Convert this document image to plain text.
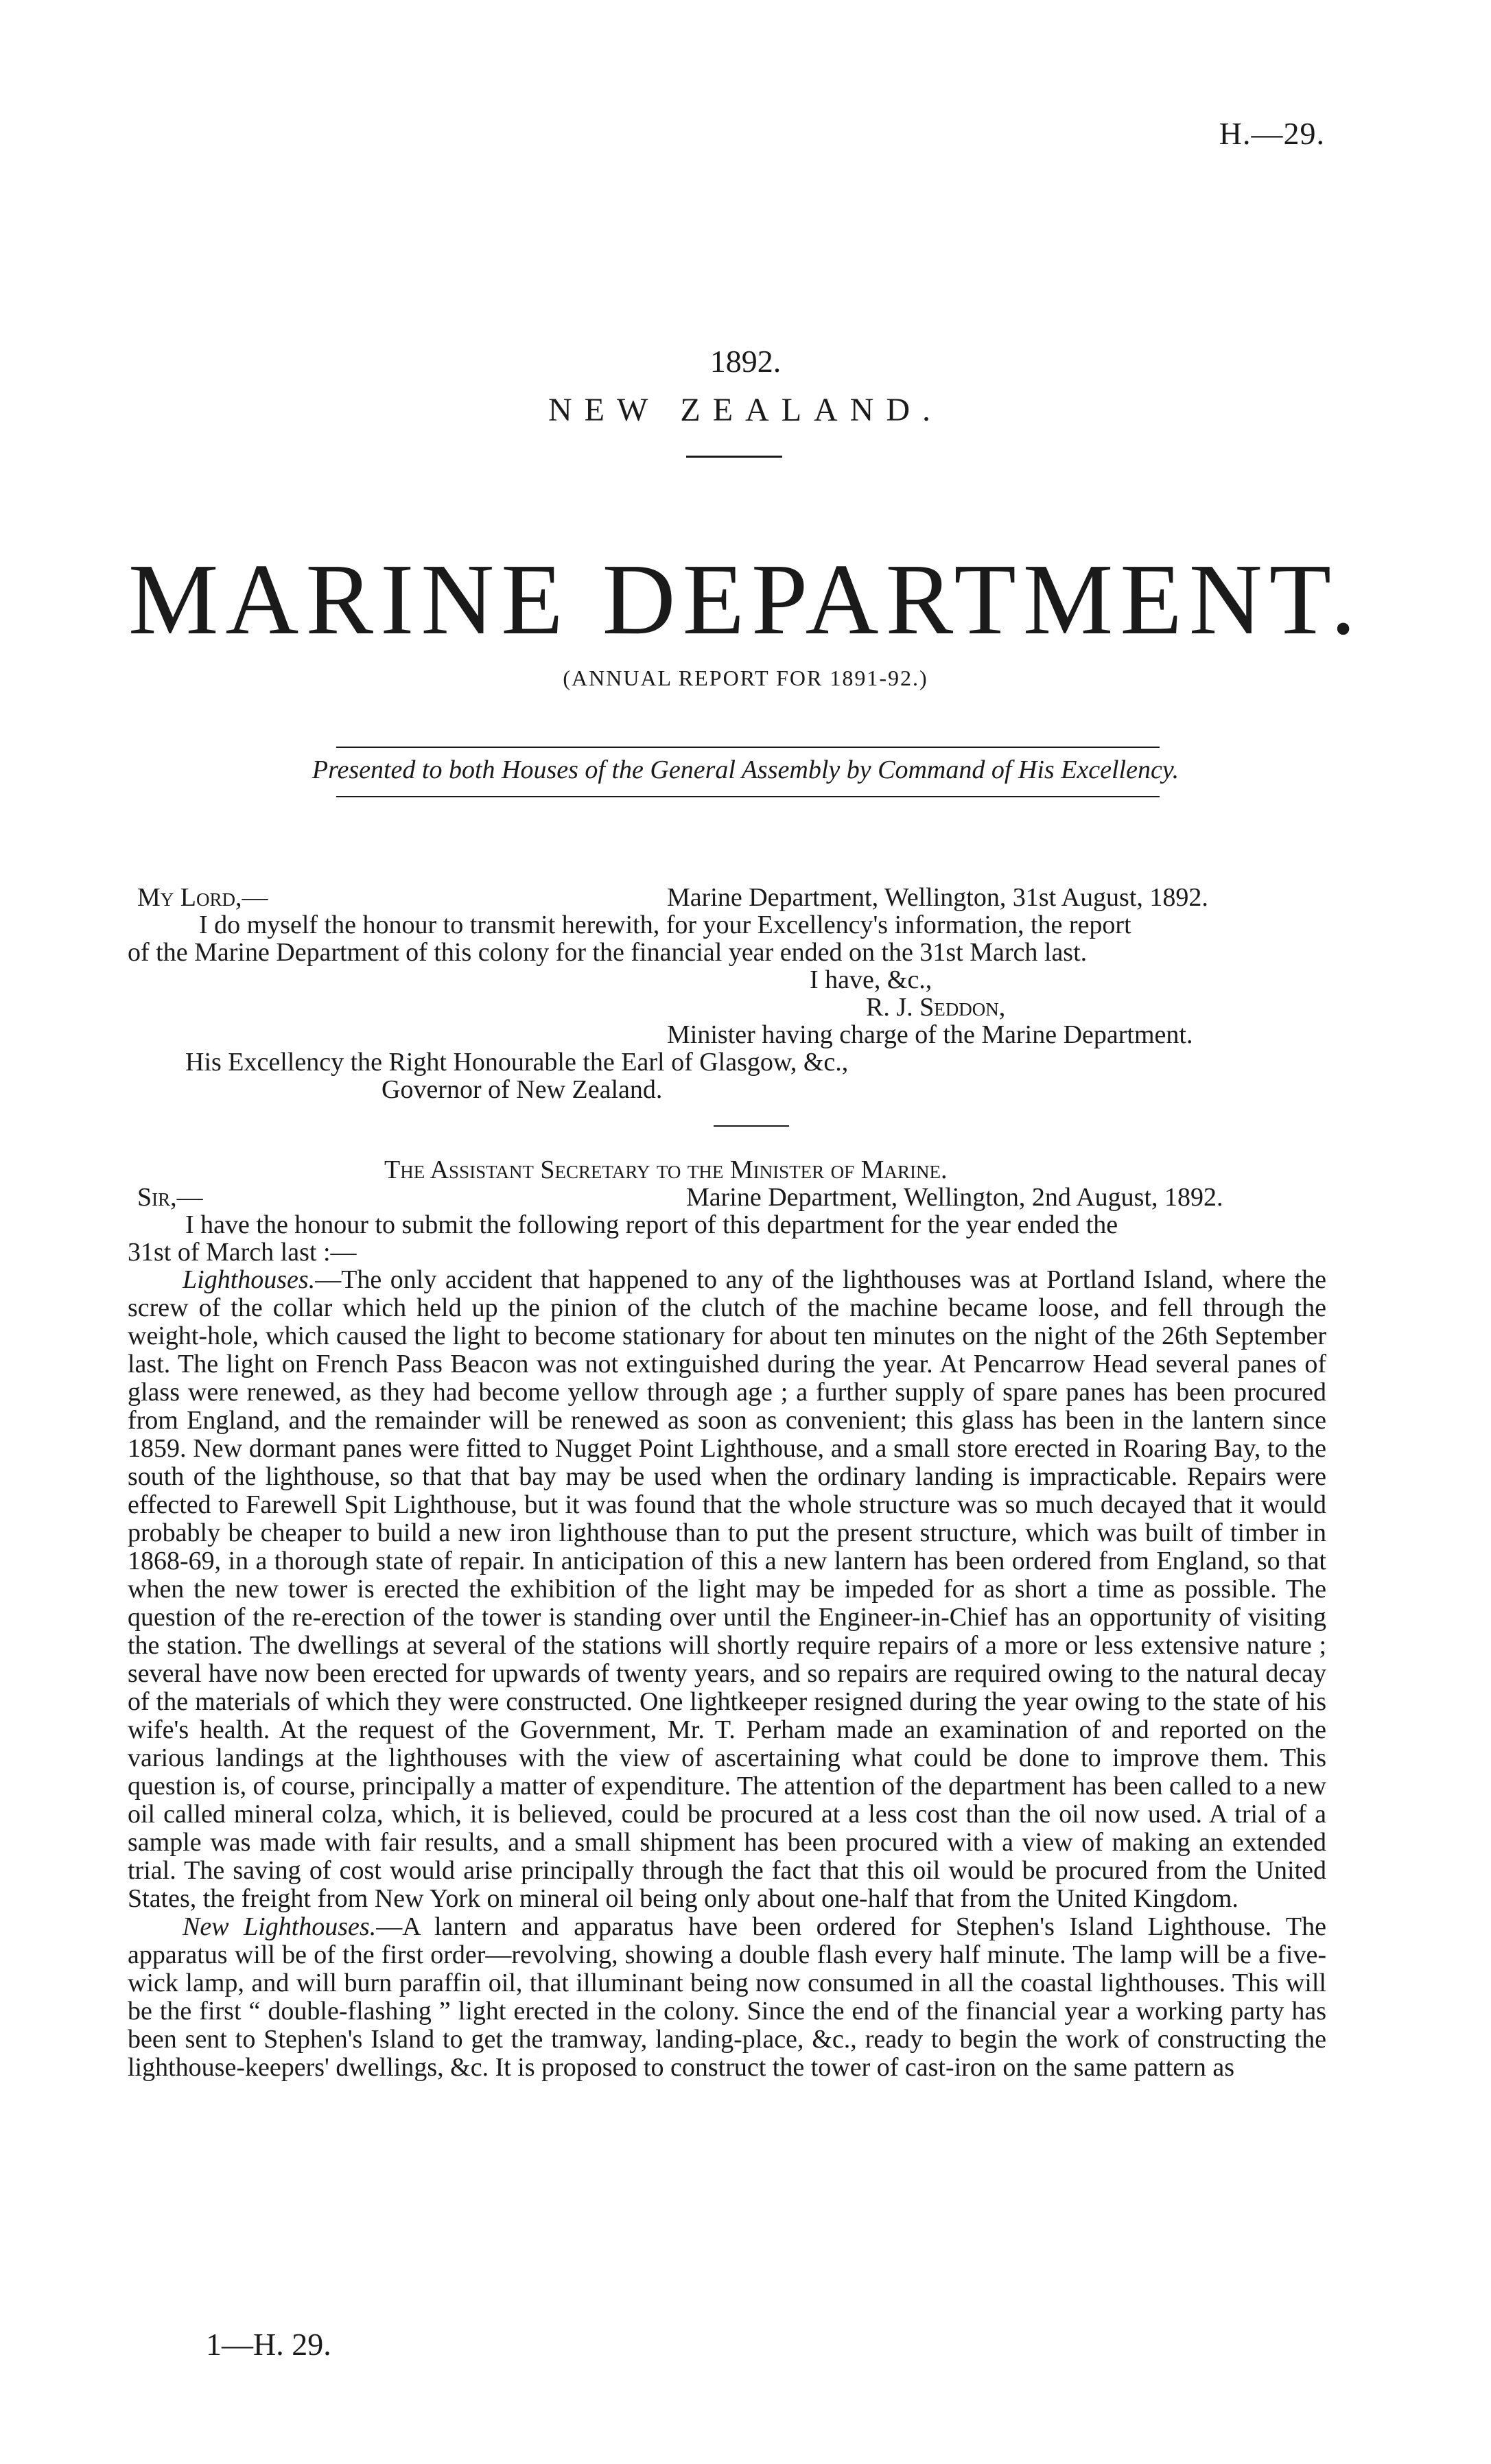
H.—29.
1892.
NEW ZEALAND.
MARINE DEPARTMENT.
(ANNUAL REPORT FOR 1891-92.)
Presented to both Houses of the General Assembly by Command of His Excellency.
My Lord,—	Marine Department, Wellington, 31st August, 1892.
I do myself the honour to transmit herewith, for your Excellency's information, the report
of the Marine Department of this colony for the financial year ended on the 31st March last.
I have, &c.,
R. J. Seddon,
Minister having charge of the Marine Department.
His Excellency the Right Honourable the Earl of Glasgow, &c.,
Governor of New Zealand.
The Assistant Secretary to the Minister of Marine.
Sir,—	Marine Department, Wellington, 2nd August, 1892.
I have the honour to submit the following report of this department for the year ended the
31st of March last :—

Lighthouses.—The only accident that happened to any of the lighthouses was at Portland Island, where the screw of the collar which held up the pinion of the clutch of the machine became loose, and fell through the weight-hole, which caused the light to become stationary for about ten minutes on the night of the 26th September last. The light on French Pass Beacon was not extinguished during the year. At Pencarrow Head several panes of glass were renewed, as they had become yellow through age ; a further supply of spare panes has been procured from England, and the remainder will be renewed as soon as convenient; this glass has been in the lantern since 1859. New dormant panes were fitted to Nugget Point Lighthouse, and a small store erected in Roaring Bay, to the south of the lighthouse, so that that bay may be used when the ordinary landing is impracticable. Repairs were effected to Farewell Spit Lighthouse, but it was found that the whole structure was so much decayed that it would probably be cheaper to build a new iron lighthouse than to put the present structure, which was built of timber in 1868-69, in a thorough state of repair. In anticipation of this a new lantern has been ordered from England, so that when the new tower is erected the exhibition of the light may be impeded for as short a time as possible. The question of the re-erection of the tower is standing over until the Engineer-in-Chief has an opportunity of visiting the station. The dwellings at several of the stations will shortly require repairs of a more or less extensive nature ; several have now been erected for upwards of twenty years, and so repairs are required owing to the natural decay of the materials of which they were constructed. One lightkeeper resigned during the year owing to the state of his wife's health. At the request of the Government, Mr. T. Perham made an examination of and reported on the various landings at the lighthouses with the view of ascertaining what could be done to improve them. This question is, of course, principally a matter of expenditure. The attention of the department has been called to a new oil called mineral colza, which, it is believed, could be procured at a less cost than the oil now used. A trial of a sample was made with fair results, and a small shipment has been procured with a view of making an extended trial. The saving of cost would arise principally through the fact that this oil would be procured from the United States, the freight from New York on mineral oil being only about one-half that from the United Kingdom.

New Lighthouses.—A lantern and apparatus have been ordered for Stephen's Island Lighthouse. The apparatus will be of the first order—revolving, showing a double flash every half minute. The lamp will be a five-wick lamp, and will burn paraffin oil, that illuminant being now consumed in all the coastal lighthouses. This will be the first “ double-flashing ” light erected in the colony. Since the end of the financial year a working party has been sent to Stephen's Island to get the tramway, landing-place, &c., ready to begin the work of constructing the lighthouse-keepers' dwellings, &c. It is proposed to construct the tower of cast-iron on the same pattern as

1—H. 29.
